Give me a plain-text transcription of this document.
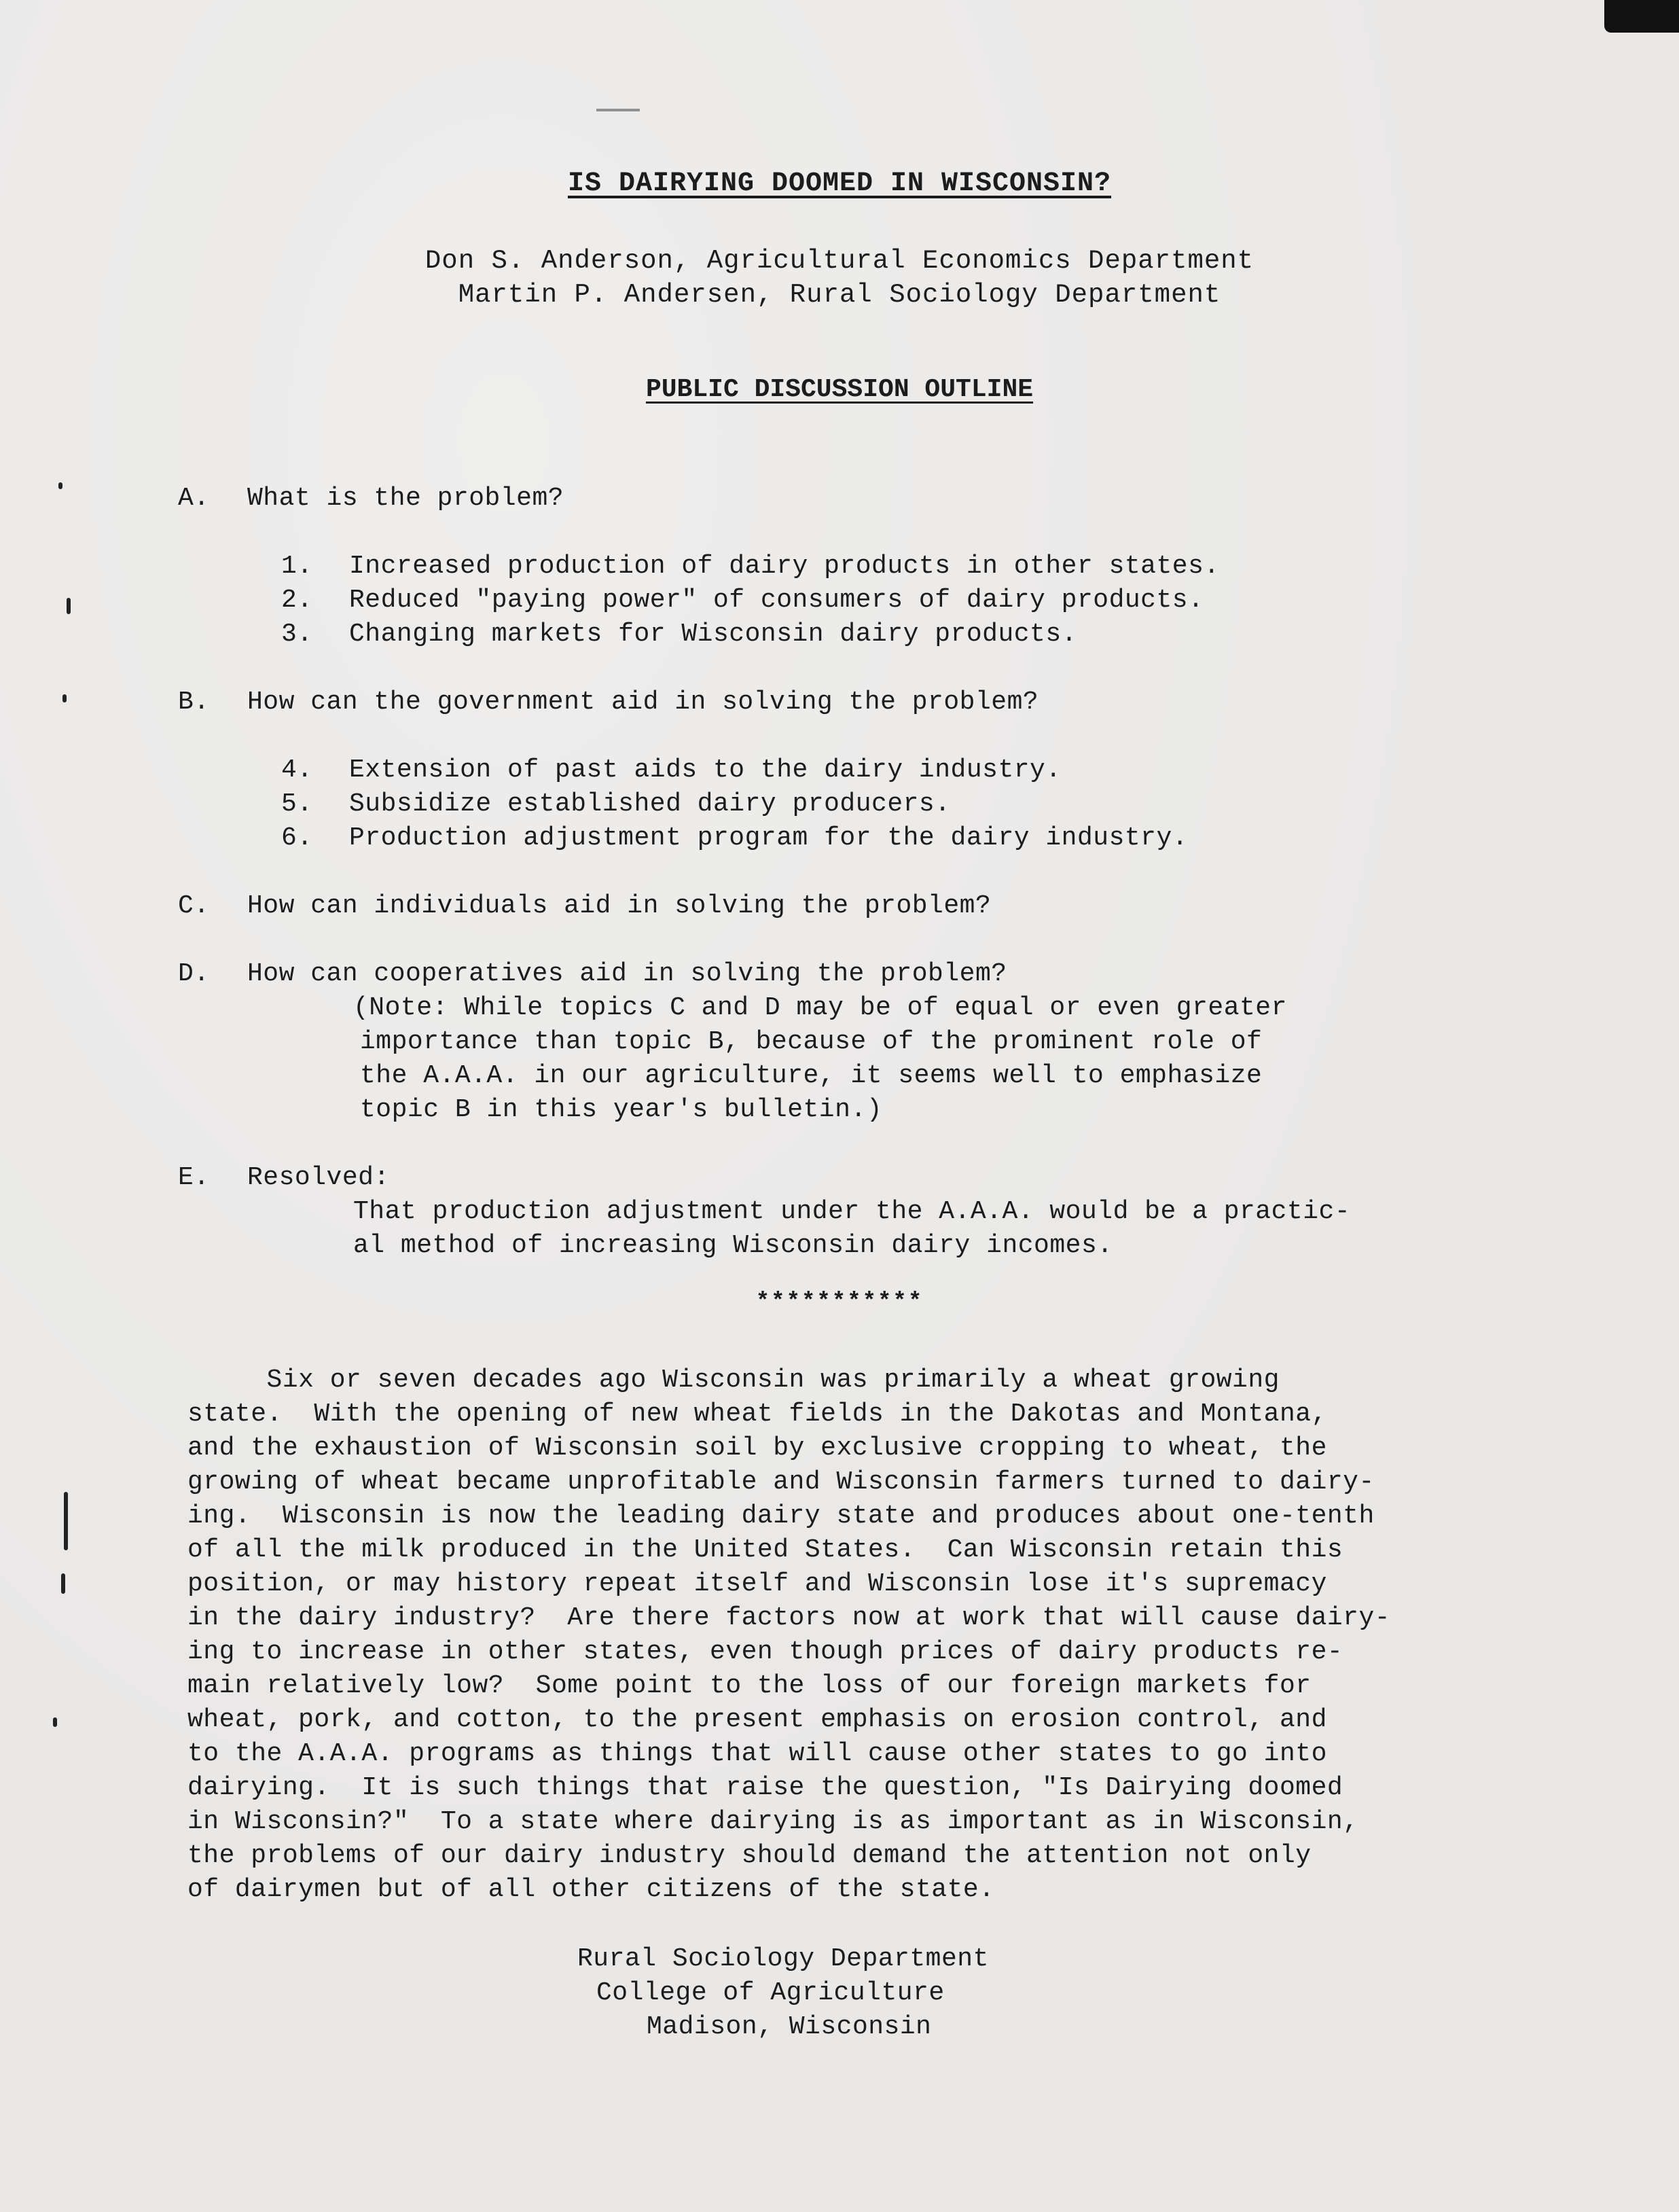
IS DAIRYING DOOMED IN WISCONSIN?
Don S. Anderson, Agricultural Economics Department
Martin P. Andersen, Rural Sociology Department
PUBLIC DISCUSSION OUTLINE
A. What is the problem?
1. Increased production of dairy products in other states.
2. Reduced "paying power" of consumers of dairy products.
3. Changing markets for Wisconsin dairy products.
B. How can the government aid in solving the problem?
4. Extension of past aids to the dairy industry.
5. Subsidize established dairy producers.
6. Production adjustment program for the dairy industry.
C. How can individuals aid in solving the problem?
D. How can cooperatives aid in solving the problem?
(Note: While topics C and D may be of equal or even greater
importance than topic B, because of the prominent role of
the A.A.A. in our agriculture, it seems well to emphasize
topic B in this year's bulletin.)
E. Resolved:
That production adjustment under the A.A.A. would be a practic-
al method of increasing Wisconsin dairy incomes.
***********
Six or seven decades ago Wisconsin was primarily a wheat growing
state.  With the opening of new wheat fields in the Dakotas and Montana,
and the exhaustion of Wisconsin soil by exclusive cropping to wheat, the
growing of wheat became unprofitable and Wisconsin farmers turned to dairy-
ing.  Wisconsin is now the leading dairy state and produces about one-tenth
of all the milk produced in the United States.  Can Wisconsin retain this
position, or may history repeat itself and Wisconsin lose it's supremacy
in the dairy industry?  Are there factors now at work that will cause dairy-
ing to increase in other states, even though prices of dairy products re-
main relatively low?  Some point to the loss of our foreign markets for
wheat, pork, and cotton, to the present emphasis on erosion control, and
to the A.A.A. programs as things that will cause other states to go into
dairying.  It is such things that raise the question, "Is Dairying doomed
in Wisconsin?"  To a state where dairying is as important as in Wisconsin,
the problems of our dairy industry should demand the attention not only
of dairymen but of all other citizens of the state.
Rural Sociology Department
College of Agriculture
Madison, Wisconsin
